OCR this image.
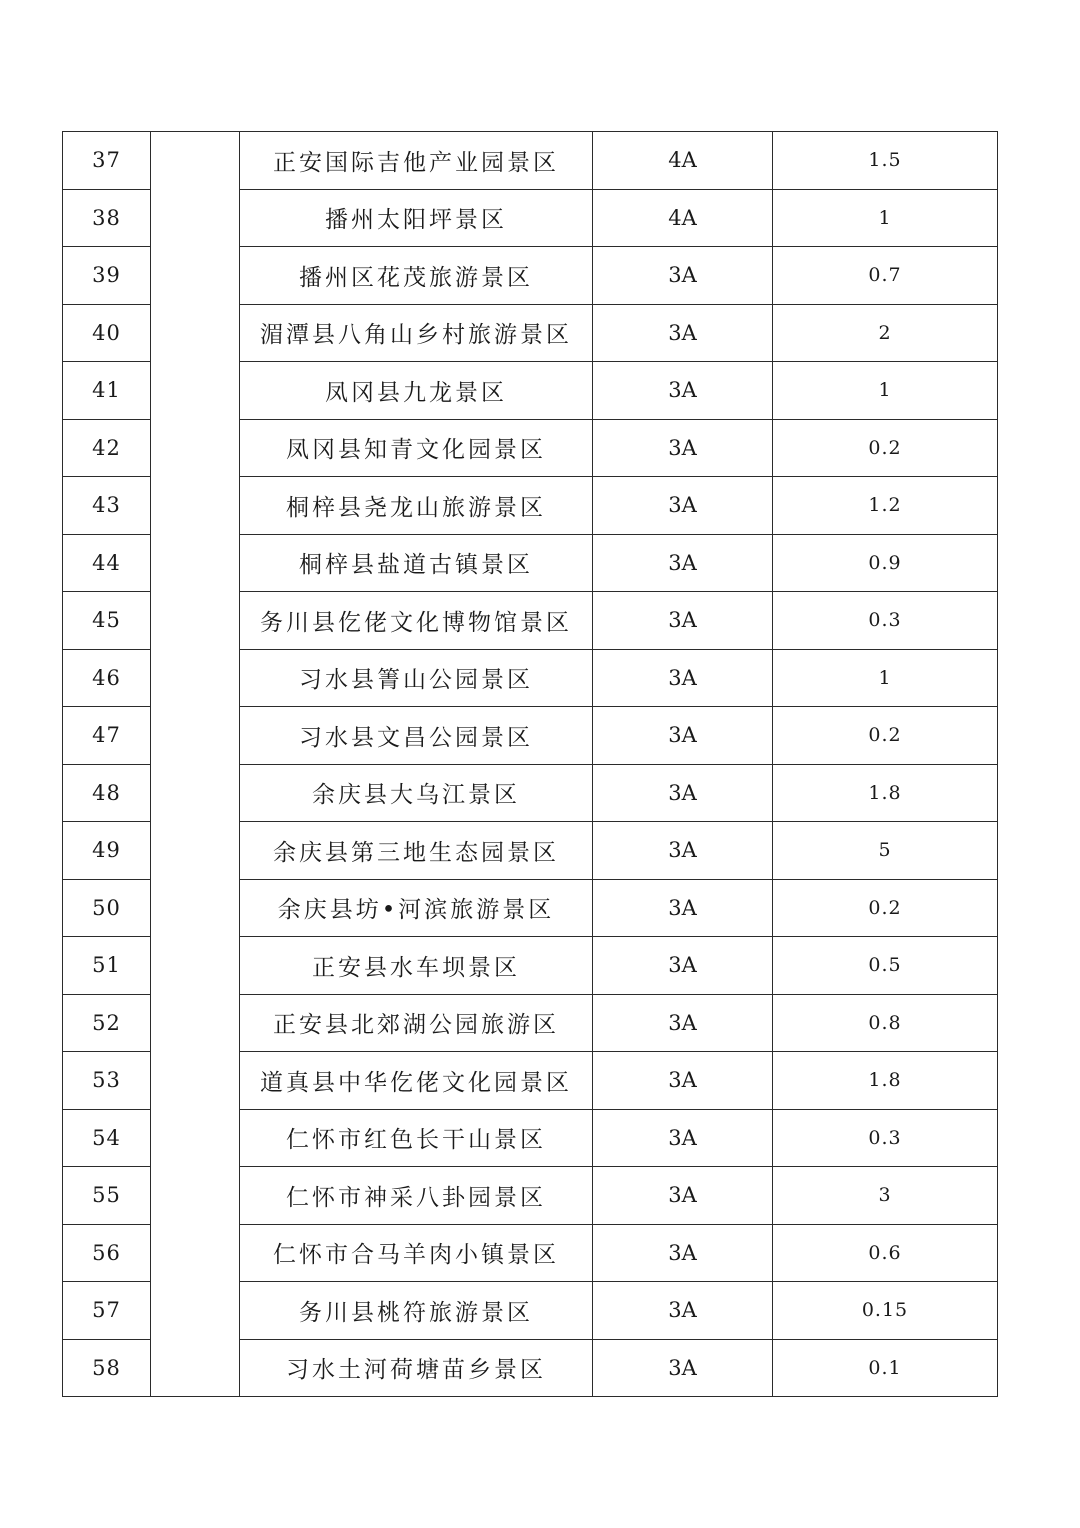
37		正安国际吉他产业园景区	4A	1.5
38		播州太阳坪景区	4A	1
39		播州区花茂旅游景区	3A	0.7
40		湄潭县八角山乡村旅游景区	3A	2
41		凤冈县九龙景区	3A	1
42		凤冈县知青文化园景区	3A	0.2
43		桐梓县尧龙山旅游景区	3A	1.2
44		桐梓县盐道古镇景区	3A	0.9
45		务川县仡佬文化博物馆景区	3A	0.3
46		习水县箐山公园景区	3A	1
47		习水县文昌公园景区	3A	0.2
48		余庆县大乌江景区	3A	1.8
49		余庆县第三地生态园景区	3A	5
50		余庆县坊•河滨旅游景区	3A	0.2
51		正安县水车坝景区	3A	0.5
52		正安县北郊湖公园旅游区	3A	0.8
53		道真县中华仡佬文化园景区	3A	1.8
54		仁怀市红色长干山景区	3A	0.3
55		仁怀市神采八卦园景区	3A	3
56		仁怀市合马羊肉小镇景区	3A	0.6
57		务川县桃符旅游景区	3A	0.15
58		习水土河荷塘苗乡景区	3A	0.1
